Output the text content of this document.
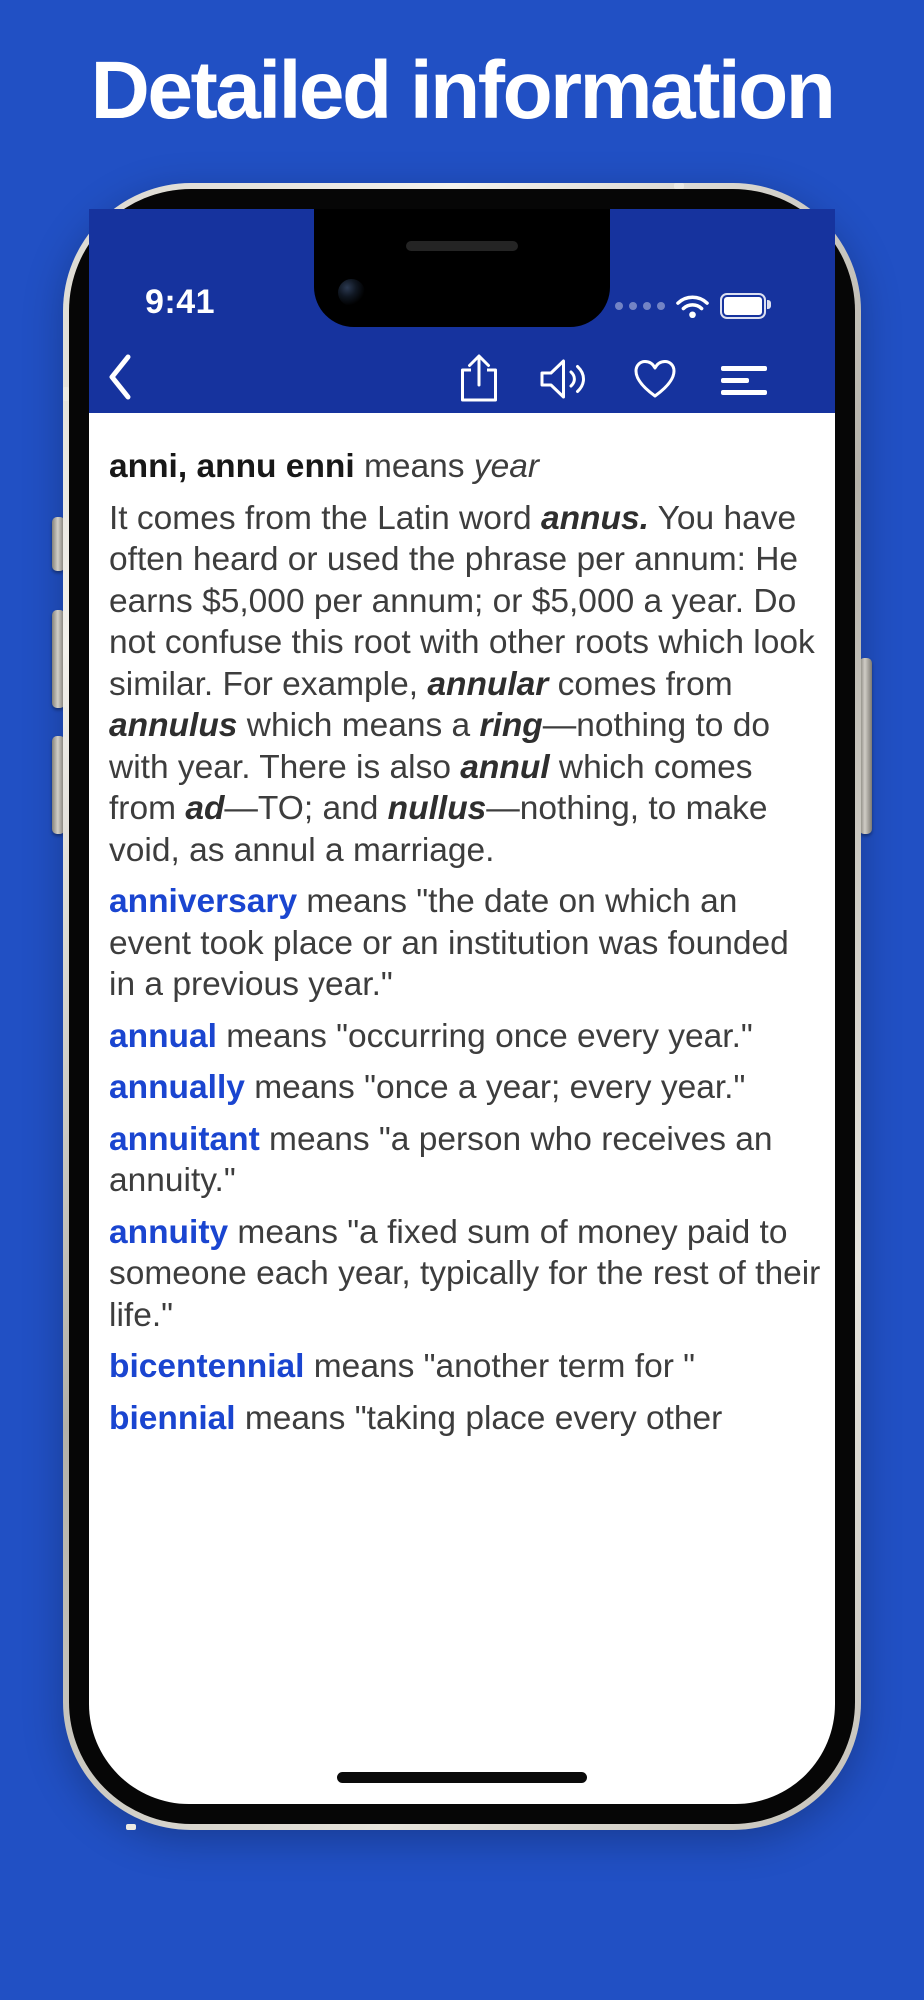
Detailed information
9:41

anni, annu enni means year

It comes from the Latin word annus. You have often heard or used the phrase per annum: He earns $5,000 per annum; or $5,000 a year. Do not confuse this root with other roots which look similar. For example, annular comes from annulus which means a ring—nothing to do with year. There is also annul which comes from ad—TO; and nullus—nothing, to make void, as annul a marriage.

anniversary means "the date on which an event took place or an institution was founded in a previous year."

annual means "occurring once every year."

annually means "once a year; every year."

annuitant means "a person who receives an annuity."

annuity means "a fixed sum of money paid to someone each year, typically for the rest of their life."

bicentennial means "another term for "

biennial means "taking place every other
